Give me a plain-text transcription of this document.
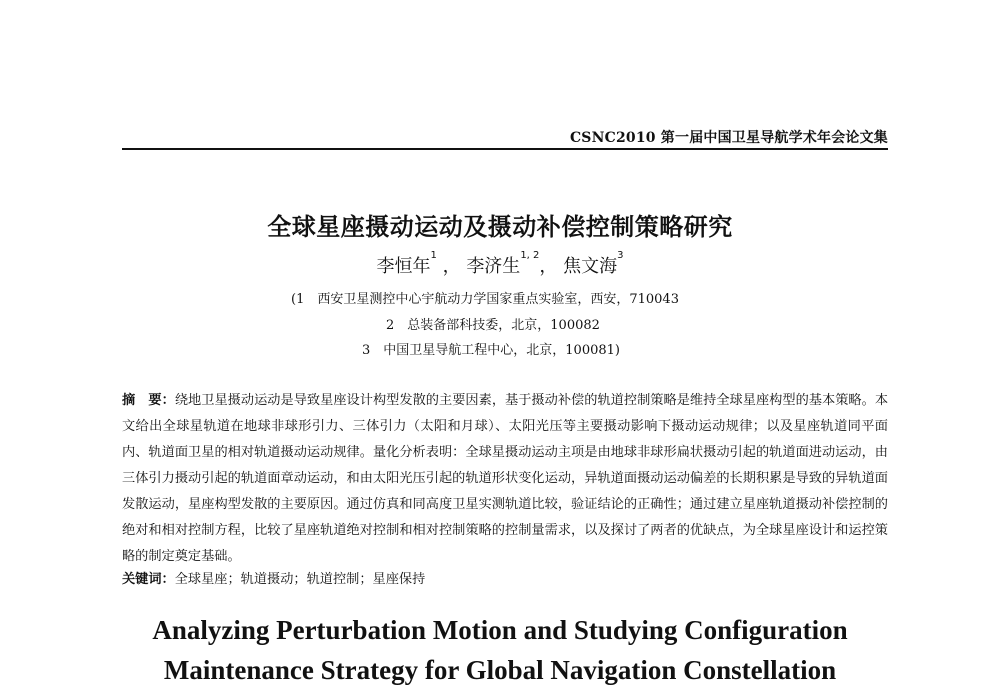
CSNC2010 第一届中国卫星导航学术年会论文集
全球星座摄动运动及摄动补偿控制策略研究
李恒年$^1$ ， 李济生$^{1, 2}$， 焦文海$^3$
(1　西安卫星测控中心宇航动力学国家重点实验室，西安，710043
2　总装备部科技委，北京，100082
3　中国卫星导航工程中心，北京，100081)
摘　要：绕地卫星摄动运动是导致星座设计构型发散的主要因素，基于摄动补偿的轨道控制策略是维持全球星座构型的基本策略。本文给出全球星轨道在地球非球形引力、三体引力（太阳和月球）、太阳光压等主要摄动影响下摄动运动规律；以及星座轨道同平面内、轨道面卫星的相对轨道摄动运动规律。量化分析表明：全球星摄动运动主项是由地球非球形扁状摄动引起的轨道面进动运动，由三体引力摄动引起的轨道面章动运动，和由太阳光压引起的轨道形状变化运动，异轨道面摄动运动偏差的长期积累是导致的异轨道面发散运动，星座构型发散的主要原因。通过仿真和同高度卫星实测轨道比较，验证结论的正确性；通过建立星座轨道摄动补偿控制的绝对和相对控制方程，比较了星座轨道绝对控制和相对控制策略的控制量需求，以及探讨了两者的优缺点，为全球星座设计和运控策略的制定奠定基础。
关键词：全球星座；轨道摄动；轨道控制；星座保持
Analyzing Perturbation Motion and Studying Configuration
Maintenance Strategy for Global Navigation Constellation
